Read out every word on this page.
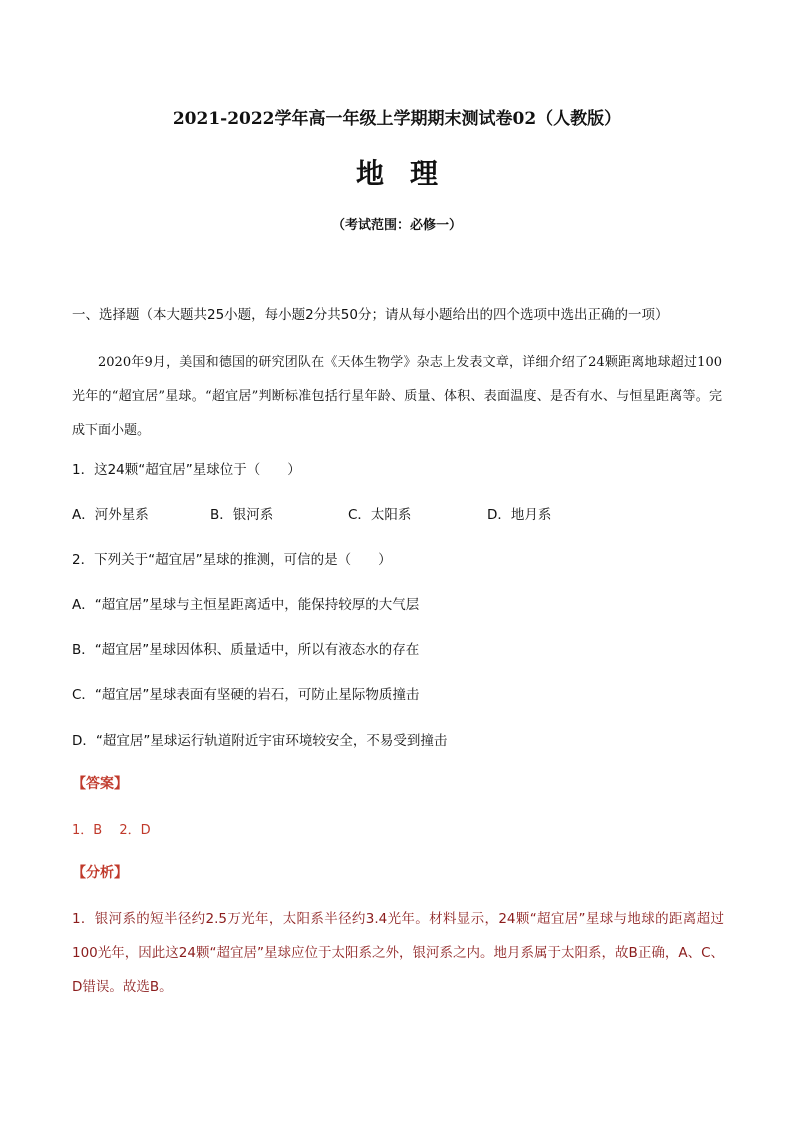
2021-2022学年高一年级上学期期末测试卷02（人教版）
地理
（考试范围：必修一）
一、选择题（本大题共25小题，每小题2分共50分；请从每小题给出的四个选项中选出正确的一项）
2020年9月，美国和德国的研究团队在《天体生物学》杂志上发表文章，详细介绍了24颗距离地球超过100光年的“超宜居”星球。“超宜居”判断标准包括行星年龄、质量、体积、表面温度、是否有水、与恒星距离等。完成下面小题。
1．这24颗“超宜居”星球位于（　　）
A．河外星系	B．银河系	C．太阳系	D．地月系
2．下列关于“超宜居”星球的推测，可信的是（　　）
A．“超宜居”星球与主恒星距离适中，能保持较厚的大气层
B．“超宜居”星球因体积、质量适中，所以有液态水的存在
C．“超宜居”星球表面有坚硬的岩石，可防止星际物质撞击
D．“超宜居”星球运行轨道附近宇宙环境较安全，不易受到撞击
【答案】
1．B　 2．D
【分析】
1．银河系的短半径约2.5万光年，太阳系半径约3.4光年。材料显示，24颗“超宜居”星球与地球的距离超过100光年，因此这24颗“超宜居”星球应位于太阳系之外，银河系之内。地月系属于太阳系，故B正确，A、C、D错误。故选B。
